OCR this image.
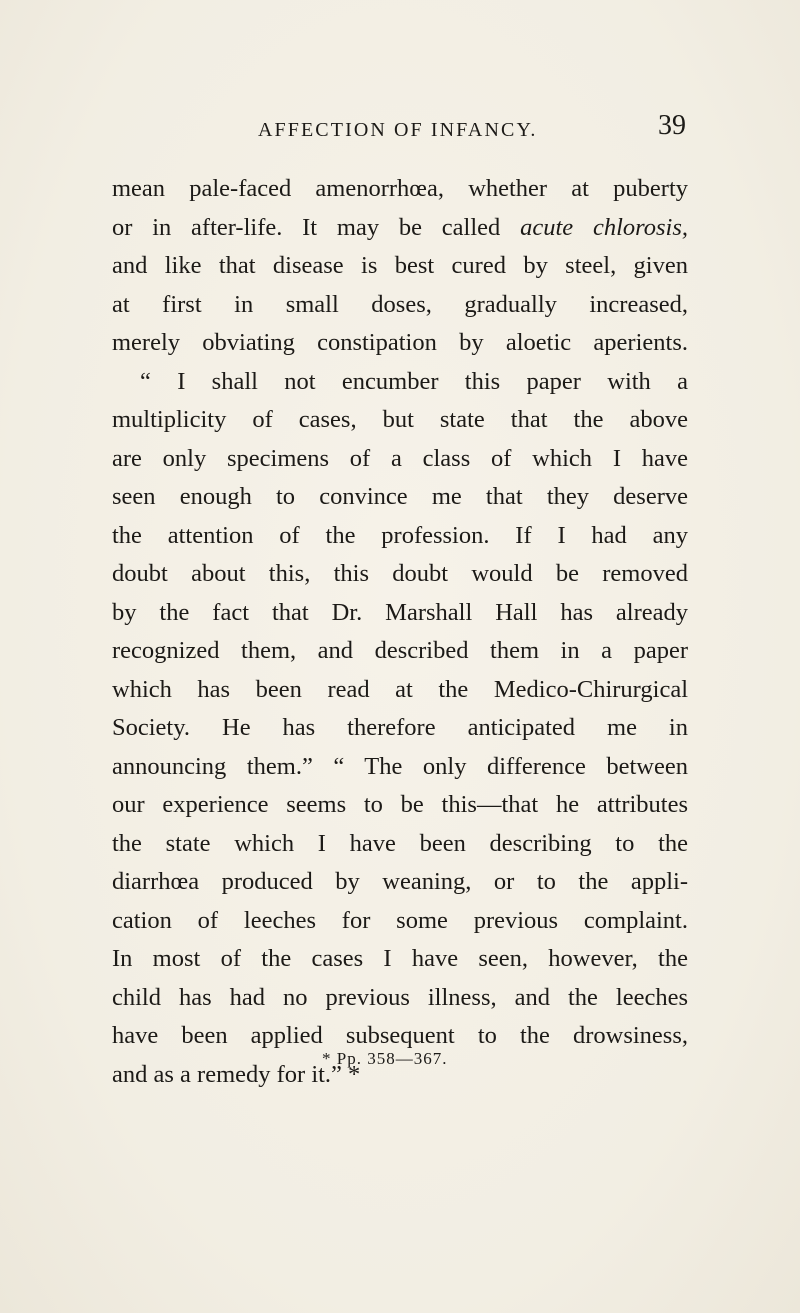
AFFECTION OF INFANCY.	39
mean pale-faced amenorrhœa, whether at puberty
or in after-life. It may be called acute chlorosis,
and like that disease is best cured by steel, given
at first in small doses, gradually increased,
merely obviating constipation by aloetic aperients.
“ I shall not encumber this paper with a
multiplicity of cases, but state that the above
are only specimens of a class of which I have
seen enough to convince me that they deserve
the attention of the profession. If I had any
doubt about this, this doubt would be removed
by the fact that Dr. Marshall Hall has already
recognized them, and described them in a paper
which has been read at the Medico-Chirurgical
Society. He has therefore anticipated me in
announcing them.” “ The only difference between
our experience seems to be this—that he attributes
the state which I have been describing to the
diarrhœa produced by weaning, or to the appli-
cation of leeches for some previous complaint.
In most of the cases I have seen, however, the
child has had no previous illness, and the leeches
have been applied subsequent to the drowsiness,
and as a remedy for it.” *
* Pp. 358—367.
